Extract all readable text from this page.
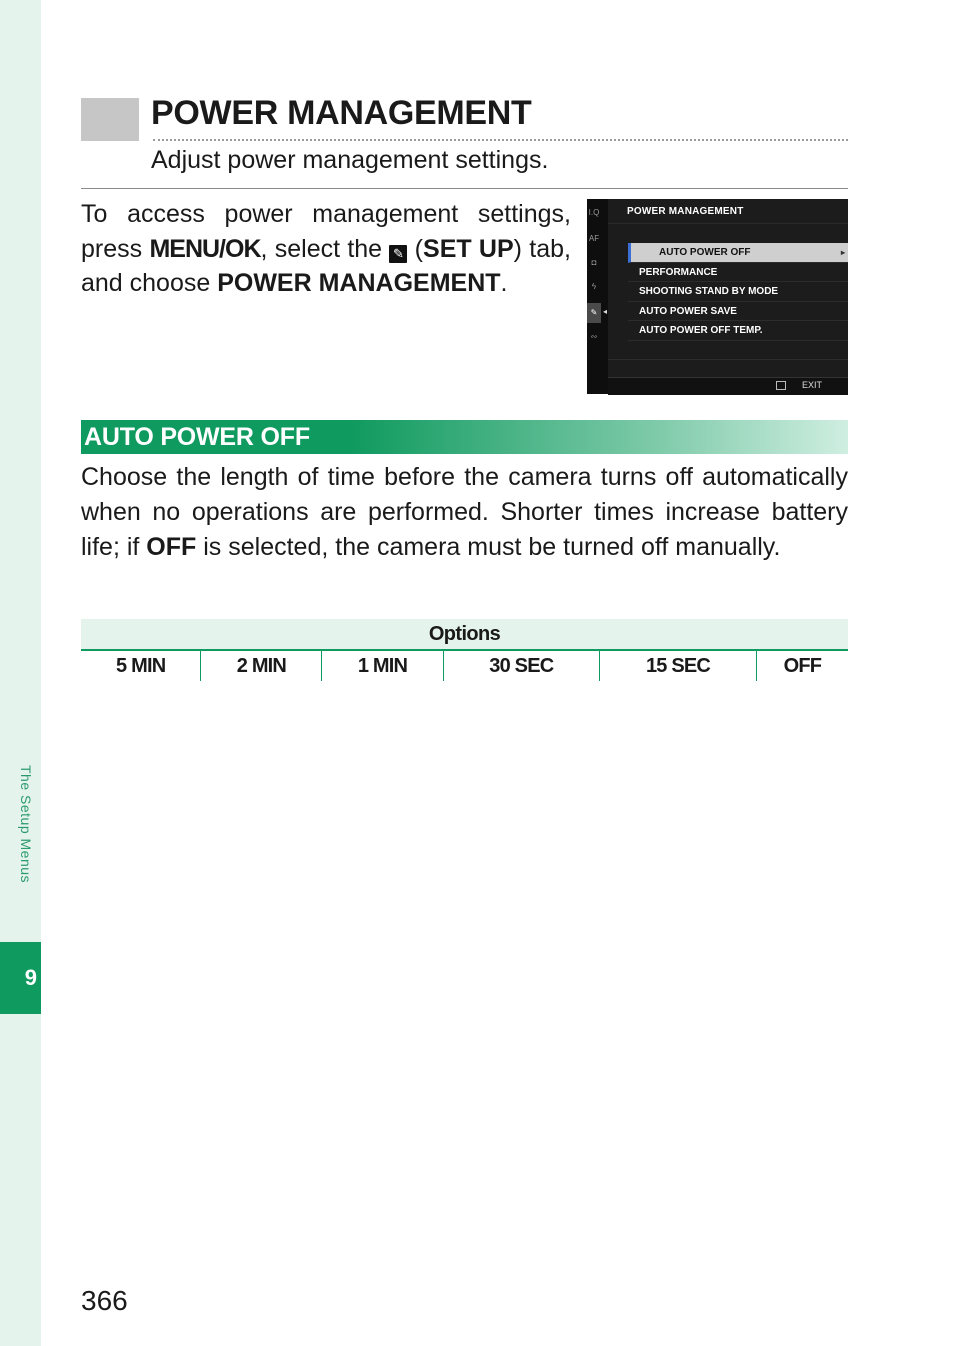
The Setup Menus
9
POWER MANAGEMENT
Adjust power management settings.

To access power management settings, press MENU/OK, select the ✎ (SET UP) tab, and choose POWER MANAGEMENT.

I.Q
AF
◘
ϟ
✎
∾
◂
POWER MANAGEMENT
AUTO POWER OFF	▸
PERFORMANCE
SHOOTING STAND BY MODE
AUTO POWER SAVE
AUTO POWER OFF TEMP.
EXIT
AUTO POWER OFF

Choose the length of time before the camera turns off automatically when no operations are performed. Shorter times increase battery life; if OFF is selected, the camera must be turned off manually.

Options
5 MIN	2 MIN	1 MIN	30 SEC	15 SEC	OFF
366
